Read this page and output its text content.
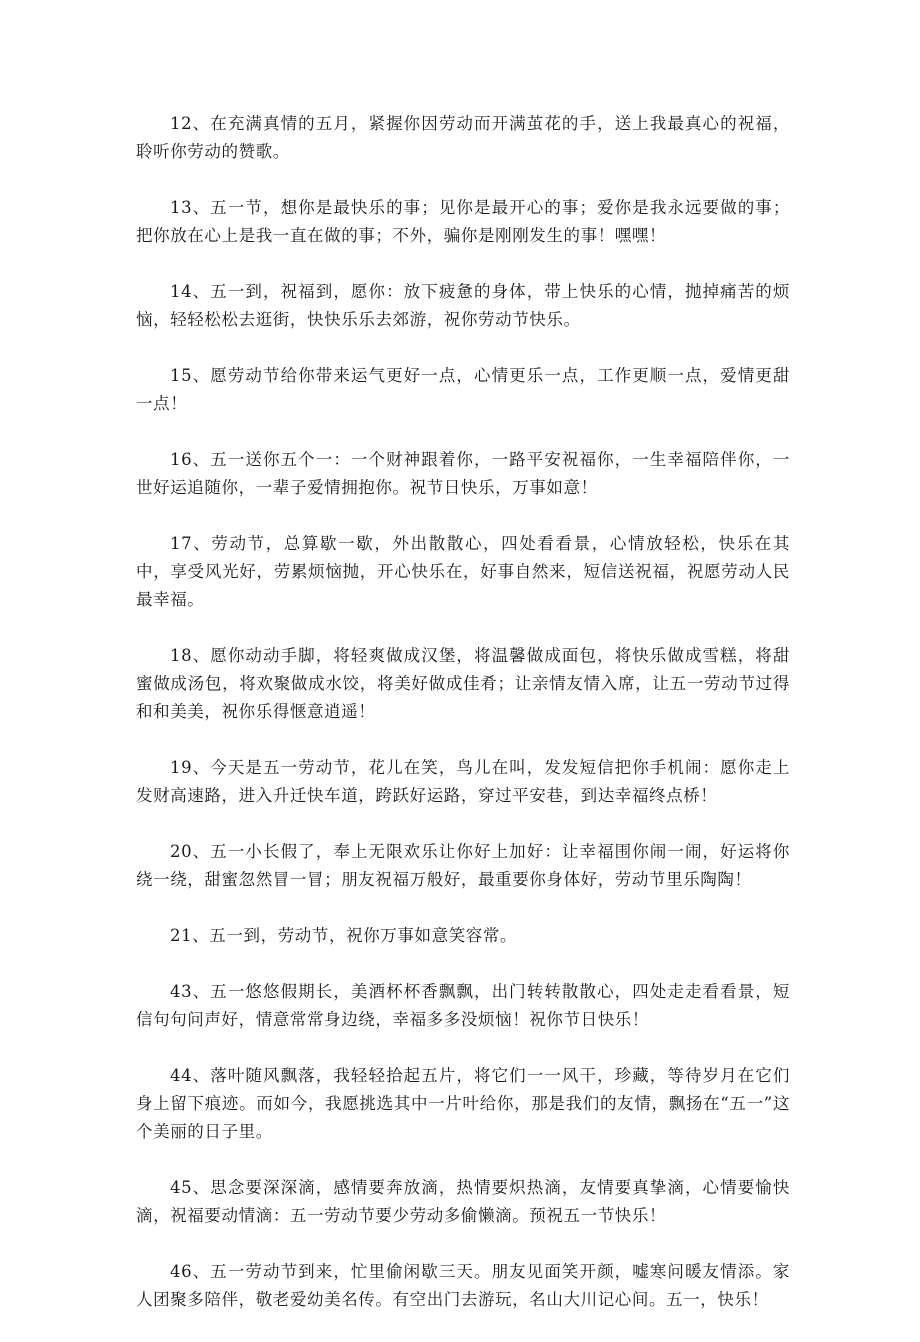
12、在充满真情的五月，紧握你因劳动而开满茧花的手，送上我最真心的祝福，聆听你劳动的赞歌。

13、五一节，想你是最快乐的事；见你是最开心的事；爱你是我永远要做的事；把你放在心上是我一直在做的事；不外，骗你是刚刚发生的事！嘿嘿！

14、五一到，祝福到，愿你：放下疲惫的身体，带上快乐的心情，抛掉痛苦的烦恼，轻轻松松去逛街，快快乐乐去郊游，祝你劳动节快乐。

15、愿劳动节给你带来运气更好一点，心情更乐一点，工作更顺一点，爱情更甜一点！

16、五一送你五个一：一个财神跟着你，一路平安祝福你，一生幸福陪伴你，一世好运追随你，一辈子爱情拥抱你。祝节日快乐，万事如意！

17、劳动节，总算歇一歇，外出散散心，四处看看景，心情放轻松，快乐在其中，享受风光好，劳累烦恼抛，开心快乐在，好事自然来，短信送祝福，祝愿劳动人民最幸福。

18、愿你动动手脚，将轻爽做成汉堡，将温馨做成面包，将快乐做成雪糕，将甜蜜做成汤包，将欢聚做成水饺，将美好做成佳肴；让亲情友情入席，让五一劳动节过得和和美美，祝你乐得惬意逍遥！

19、今天是五一劳动节，花儿在笑，鸟儿在叫，发发短信把你手机闹：愿你走上发财高速路，进入升迁快车道，跨跃好运路，穿过平安巷，到达幸福终点桥！

20、五一小长假了，奉上无限欢乐让你好上加好：让幸福围你闹一闹，好运将你绕一绕，甜蜜忽然冒一冒；朋友祝福万般好，最重要你身体好，劳动节里乐陶陶！

21、五一到，劳动节，祝你万事如意笑容常。

43、五一悠悠假期长，美酒杯杯香飘飘，出门转转散散心，四处走走看看景，短信句句问声好，情意常常身边绕，幸福多多没烦恼！祝你节日快乐！

44、落叶随风飘落，我轻轻拾起五片，将它们一一风干，珍藏，等待岁月在它们身上留下痕迹。而如今，我愿挑选其中一片叶给你，那是我们的友情，飘扬在“五一”这个美丽的日子里。

45、思念要深深滴，感情要奔放滴，热情要炽热滴，友情要真挚滴，心情要愉快滴，祝福要动情滴：五一劳动节要少劳动多偷懒滴。预祝五一节快乐！

46、五一劳动节到来，忙里偷闲歇三天。朋友见面笑开颜，嘘寒问暖友情添。家人团聚多陪伴，敬老爱幼美名传。有空出门去游玩，名山大川记心间。五一，快乐！
